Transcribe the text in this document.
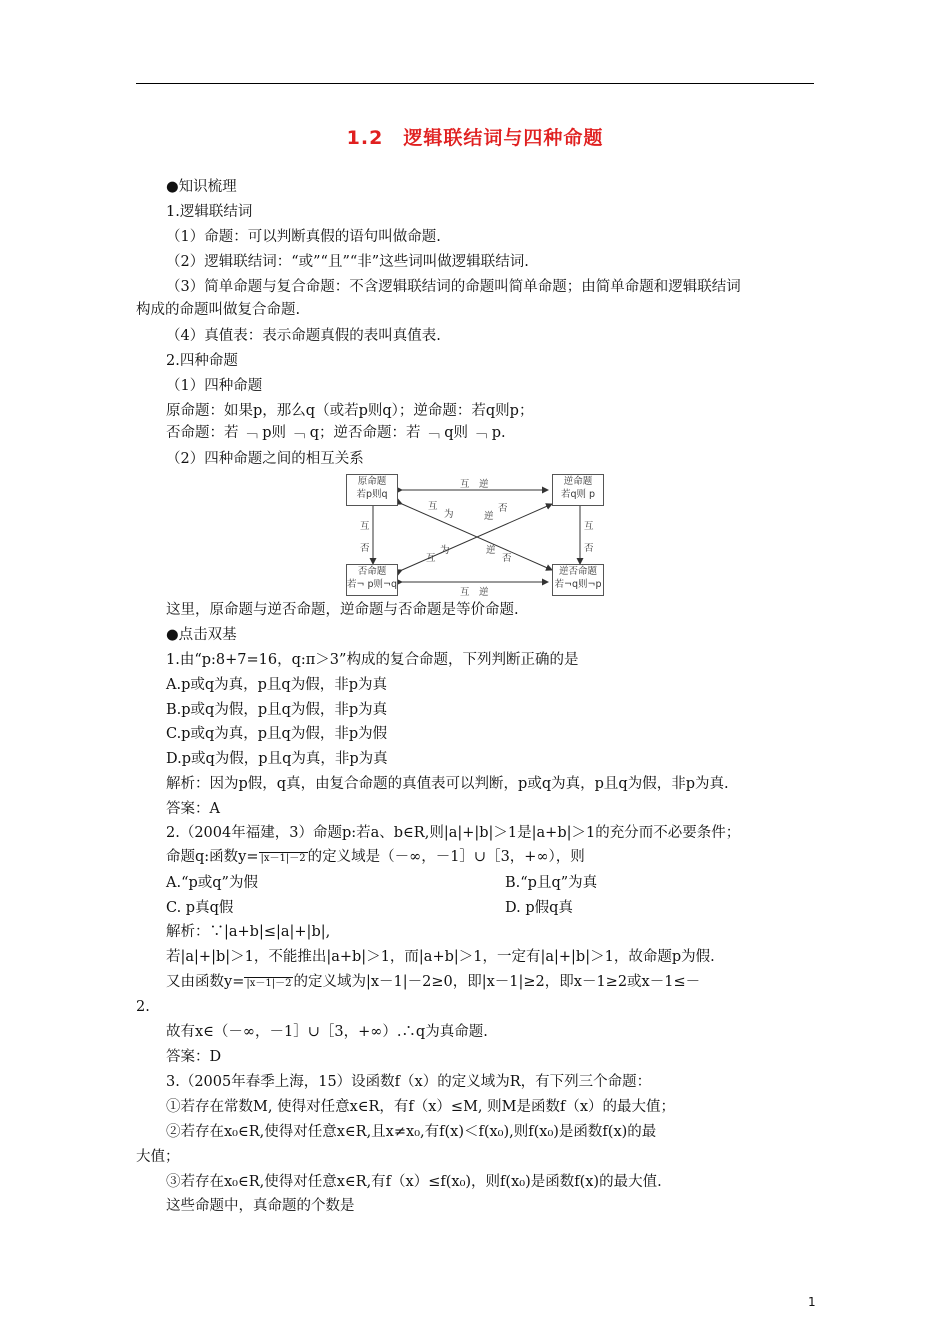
1.2　逻辑联结词与四种命题
●知识梳理
1.逻辑联结词
（1）命题：可以判断真假的语句叫做命题.
（2）逻辑联结词：“或”“且”“非”这些词叫做逻辑联结词.
（3）简单命题与复合命题：不含逻辑联结词的命题叫简单命题；由简单命题和逻辑联结词
构成的命题叫做复合命题.
（4）真值表：表示命题真假的表叫真值表.
2.四种命题
（1）四种命题
原命题：如果p，那么q（或若p则q）；逆命题：若q则p；
否命题：若 ﹁ p则 ﹁ q；逆否命题：若 ﹁ q则 ﹁ p.
（2）四种命题之间的相互关系
原命题
若p则q
逆命题
若q则 p
否命题
若¬ p则¬q
逆否命题
若¬q则¬p
互　逆
互　逆
互
否
互
否
互
为	逆
否
互
为	逆
否
这里，原命题与逆否命题，逆命题与否命题是等价命题.
●点击双基
1.由“p:8+7=16，q:π＞3”构成的复合命题，下列判断正确的是
A.p或q为真，p且q为假，非p为真
B.p或q为假，p且q为假，非p为真
C.p或q为真，p且q为假，非p为假
D.p或q为假，p且q为真，非p为真
解析：因为p假，q真，由复合命题的真值表可以判断，p或q为真，p且q为假，非p为真.
答案：A
2.（2004年福建，3）命题p:若a、b∈R,则|a|+|b|＞1是|a+b|＞1的充分而不必要条件；
命题q:函数y= |x－1|－2 的定义域是（－∞，－1］∪［3，+∞），则
A.“p或q”为假	B.“p且q”为真
C. p真q假	D. p假q真
解析：∵|a+b|≤|a|+|b|,
若|a|+|b|＞1，不能推出|a+b|＞1，而|a+b|＞1，一定有|a|+|b|＞1，故命题p为假.
又由函数y= |x－1|－2 的定义域为|x－1|－2≥0，即|x－1|≥2，即x－1≥2或x－1≤－
2.
故有x∈（－∞，－1］∪［3，+∞）.∴q为真命题.
答案：D
3.（2005年春季上海，15）设函数f（x）的定义域为R，有下列三个命题：
①若存在常数M, 使得对任意x∈R，有f（x）≤M, 则M是函数f（x）的最大值；
②若存在x₀∈R,使得对任意x∈R,且x≠x₀,有f(x)＜f(x₀),则f(x₀)是函数f(x)的最
大值；
③若存在x₀∈R,使得对任意x∈R,有f（x）≤f(x₀)，则f(x₀)是函数f(x)的最大值.
这些命题中，真命题的个数是
1
